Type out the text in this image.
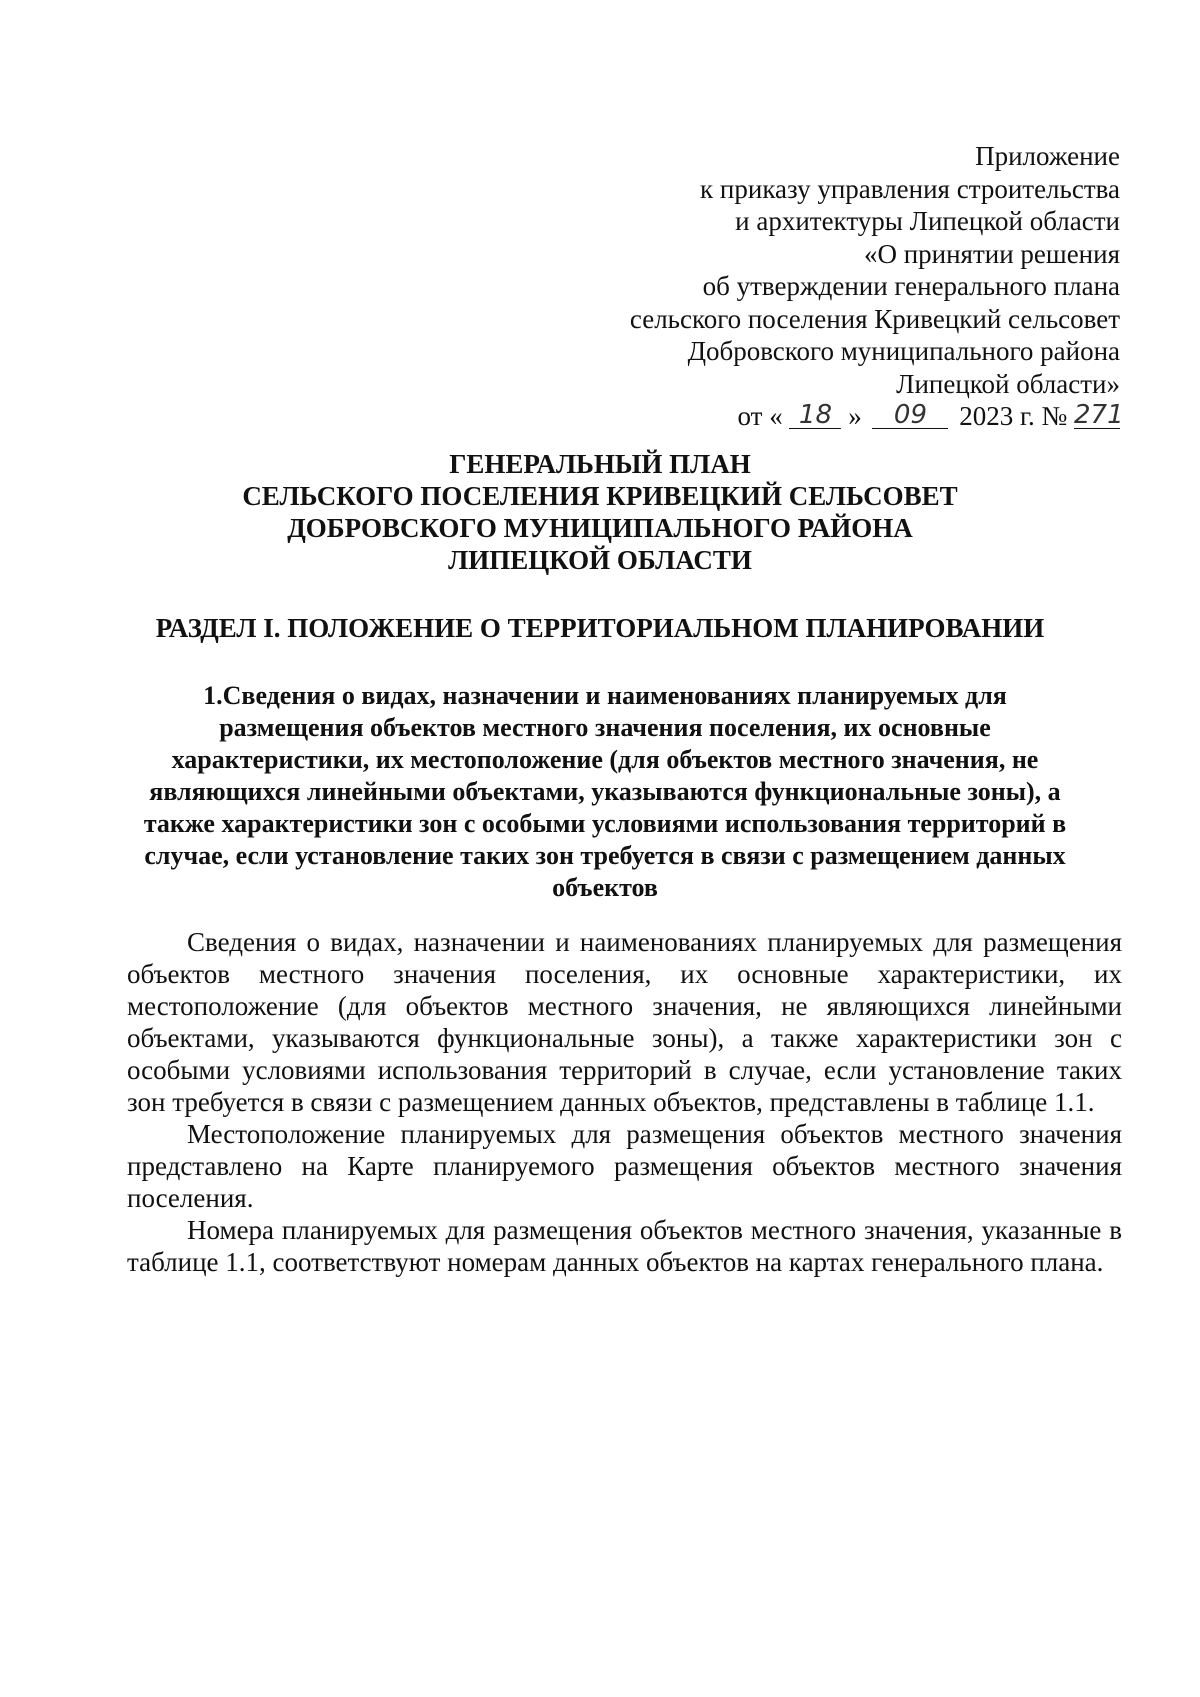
Приложение
к приказу управления строительства
и архитектуры Липецкой области
«О принятии решения
об утверждении генерального плана
сельского поселения Кривецкий сельсовет
Добровского муниципального района
Липецкой области»
от « 18 » 09 2023 г. № 271
ГЕНЕРАЛЬНЫЙ ПЛАН
СЕЛЬСКОГО ПОСЕЛЕНИЯ КРИВЕЦКИЙ СЕЛЬСОВЕТ
ДОБРОВСКОГО МУНИЦИПАЛЬНОГО РАЙОНА
ЛИПЕЦКОЙ ОБЛАСТИ
РАЗДЕЛ I. ПОЛОЖЕНИЕ О ТЕРРИТОРИАЛЬНОМ ПЛАНИРОВАНИИ
1.Сведения о видах, назначении и наименованиях планируемых для
размещения объектов местного значения поселения, их основные
характеристики, их местоположение (для объектов местного значения, не
являющихся линейными объектами, указываются функциональные зоны), а
также характеристики зон с особыми условиями использования территорий в
случае, если установление таких зон требуется в связи с размещением данных
объектов

Сведения о видах, назначении и наименованиях планируемых для размещения объектов местного значения поселения, их основные характеристики, их местоположение (для объектов местного значения, не являющихся линейными объектами, указываются функциональные зоны), а также характеристики зон с особыми условиями использования территорий в случае, если установление таких зон требуется в связи с размещением данных объектов, представлены в таблице 1.1.

Местоположение планируемых для размещения объектов местного значения представлено на Карте планируемого размещения объектов местного значения поселения.

Номера планируемых для размещения объектов местного значения, указанные в таблице 1.1, соответствуют номерам данных объектов на картах генерального плана.
